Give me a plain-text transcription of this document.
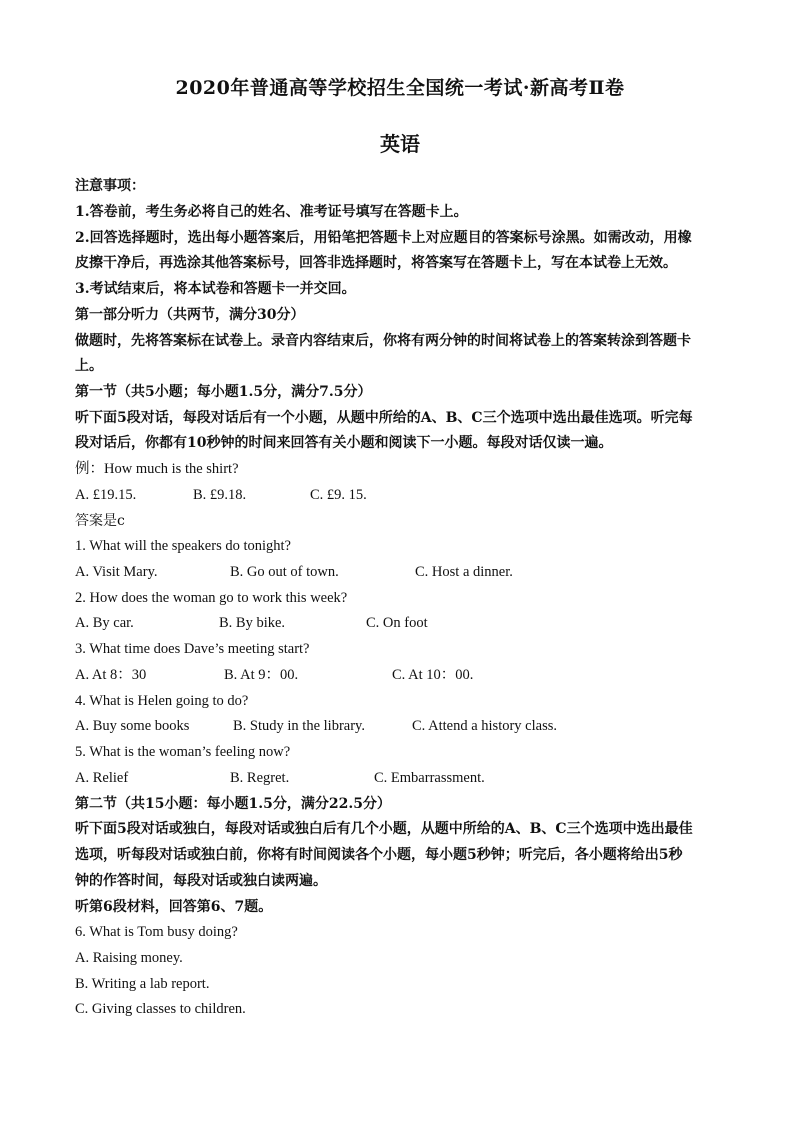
2020年普通高等学校招生全国统一考试·新高考Ⅱ卷
英语
注意事项：
1.答卷前，考生务必将自己的姓名、准考证号填写在答题卡上。
2.回答选择题时，选出每小题答案后，用铅笔把答题卡上对应题目的答案标号涂黑。如需改动，用橡
皮擦干净后，再选涂其他答案标号，回答非选择题时，将答案写在答题卡上，写在本试卷上无效。
3.考试结束后，将本试卷和答题卡一并交回。
第一部分听力（共两节，满分30分）
做题时，先将答案标在试卷上。录音内容结束后，你将有两分钟的时间将试卷上的答案转涂到答题卡
上。
第一节（共5小题；每小题1.5分，满分7.5分）
听下面5段对话，每段对话后有一个小题，从题中所给的A、B、C三个选项中选出最佳选项。听完每
段对话后，你都有10秒钟的时间来回答有关小题和阅读下一小题。每段对话仅读一遍。
例：How much is the shirt?
A. £19.15.	B. £9.18.	C. £9. 15.
答案是c
1. What will the speakers do tonight?
A. Visit Mary.	B. Go out of town.	C. Host a dinner.
2. How does the woman go to work this week?
A. By car.	B. By bike.	C. On foot
3. What time does Dave’s meeting start?
A. At 8：30	B. At 9：00.	C. At 10：00.
4. What is Helen going to do?
A. Buy some books	B. Study in the library.	C. Attend a history class.
5. What is the woman’s feeling now?
A. Relief	B. Regret.	C. Embarrassment.
第二节（共15小题：每小题1.5分，满分22.5分）
听下面5段对话或独白，每段对话或独白后有几个小题，从题中所给的A、B、C三个选项中选出最佳
选项，听每段对话或独白前，你将有时间阅读各个小题，每小题5秒钟；听完后，各小题将给出5秒
钟的作答时间，每段对话或独白读两遍。
听第6段材料，回答第6、7题。
6. What is Tom busy doing?
A. Raising money.
B. Writing a lab report.
C. Giving classes to children.
